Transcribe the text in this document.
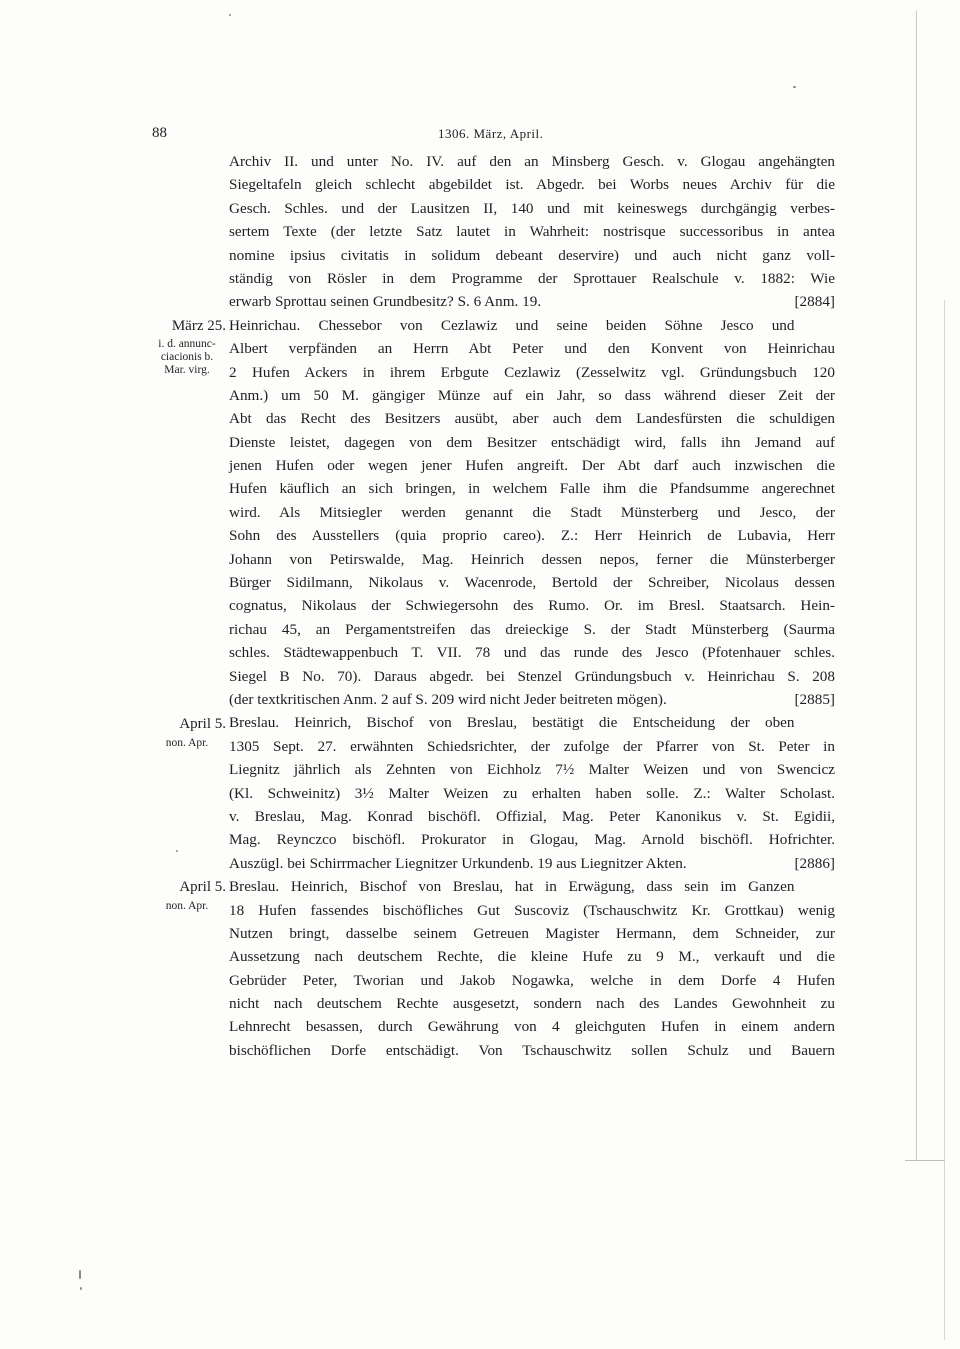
88	1306. März, April.
März 25.
i. d. annunc-
ciacionis b.
Mar. virg.
April 5.
non. Apr.
April 5.
non. Apr.
Archiv II. und unter No. IV. auf den an Minsberg Gesch. v. Glogau angehängten
Siegeltafeln gleich schlecht abgebildet ist. Abgedr. bei Worbs neues Archiv für die
Gesch. Schles. und der Lausitzen II, 140 und mit keineswegs durchgängig verbes-
sertem Texte (der letzte Satz lautet in Wahrheit: nostrisque successoribus in antea
nomine ipsius civitatis in solidum debeant deservire) und auch nicht ganz voll-
ständig von Rösler in dem Programme der Sprottauer Realschule v. 1882: Wie
[2884]
erwarb Sprottau seinen Grundbesitz? S. 6 Anm. 19.
Heinrichau. Chessebor von Cezlawiz und seine beiden Söhne Jesco und
Albert verpfänden an Herrn Abt Peter und den Konvent von Heinrichau
2 Hufen Ackers in ihrem Erbgute Cezlawiz (Zesselwitz vgl. Gründungsbuch 120
Anm.) um 50 M. gängiger Münze auf ein Jahr, so dass während dieser Zeit der
Abt das Recht des Besitzers ausübt, aber auch dem Landesfürsten die schuldigen
Dienste leistet, dagegen von dem Besitzer entschädigt wird, falls ihn Jemand auf
jenen Hufen oder wegen jener Hufen angreift. Der Abt darf auch inzwischen die
Hufen käuflich an sich bringen, in welchem Falle ihm die Pfandsumme angerechnet
wird. Als Mitsiegler werden genannt die Stadt Münsterberg und Jesco, der
Sohn des Ausstellers (quia proprio careo). Z.: Herr Heinrich de Lubavia, Herr
Johann von Petirswalde, Mag. Heinrich dessen nepos, ferner die Münsterberger
Bürger Sidilmann, Nikolaus v. Wacenrode, Bertold der Schreiber, Nicolaus dessen
cognatus, Nikolaus der Schwiegersohn des Rumo. Or. im Bresl. Staatsarch. Hein-
richau 45, an Pergamentstreifen das dreieckige S. der Stadt Münsterberg (Saurma
schles. Städtewappenbuch T. VII. 78 und das runde des Jesco (Pfotenhauer schles.
Siegel B No. 70). Daraus abgedr. bei Stenzel Gründungsbuch v. Heinrichau S. 208
[2885]
(der textkritischen Anm. 2 auf S. 209 wird nicht Jeder beitreten mögen).
Breslau. Heinrich, Bischof von Breslau, bestätigt die Entscheidung der oben
1305 Sept. 27. erwähnten Schiedsrichter, der zufolge der Pfarrer von St. Peter in
Liegnitz jährlich als Zehnten von Eichholz 7½ Malter Weizen und von Swencicz
(Kl. Schweinitz) 3½ Malter Weizen zu erhalten haben solle. Z.: Walter Scholast.
v. Breslau, Mag. Konrad bischöfl. Offizial, Mag. Peter Kanonikus v. St. Egidii,
Mag. Reynczco bischöfl. Prokurator in Glogau, Mag. Arnold bischöfl. Hofrichter.
[2886]
Auszügl. bei Schirrmacher Liegnitzer Urkundenb. 19 aus Liegnitzer Akten.
Breslau. Heinrich, Bischof von Breslau, hat in Erwägung, dass sein im Ganzen
18 Hufen fassendes bischöfliches Gut Suscoviz (Tschauschwitz Kr. Grottkau) wenig
Nutzen bringt, dasselbe seinem Getreuen Magister Hermann, dem Schneider, zur
Aussetzung nach deutschem Rechte, die kleine Hufe zu 9 M., verkauft und die
Gebrüder Peter, Tworian und Jakob Nogawka, welche in dem Dorfe 4 Hufen
nicht nach deutschem Rechte ausgesetzt, sondern nach des Landes Gewohnheit zu
Lehnrecht besassen, durch Gewährung von 4 gleichguten Hufen in einem andern
bischöflichen Dorfe entschädigt. Von Tschauschwitz sollen Schulz und Bauern
